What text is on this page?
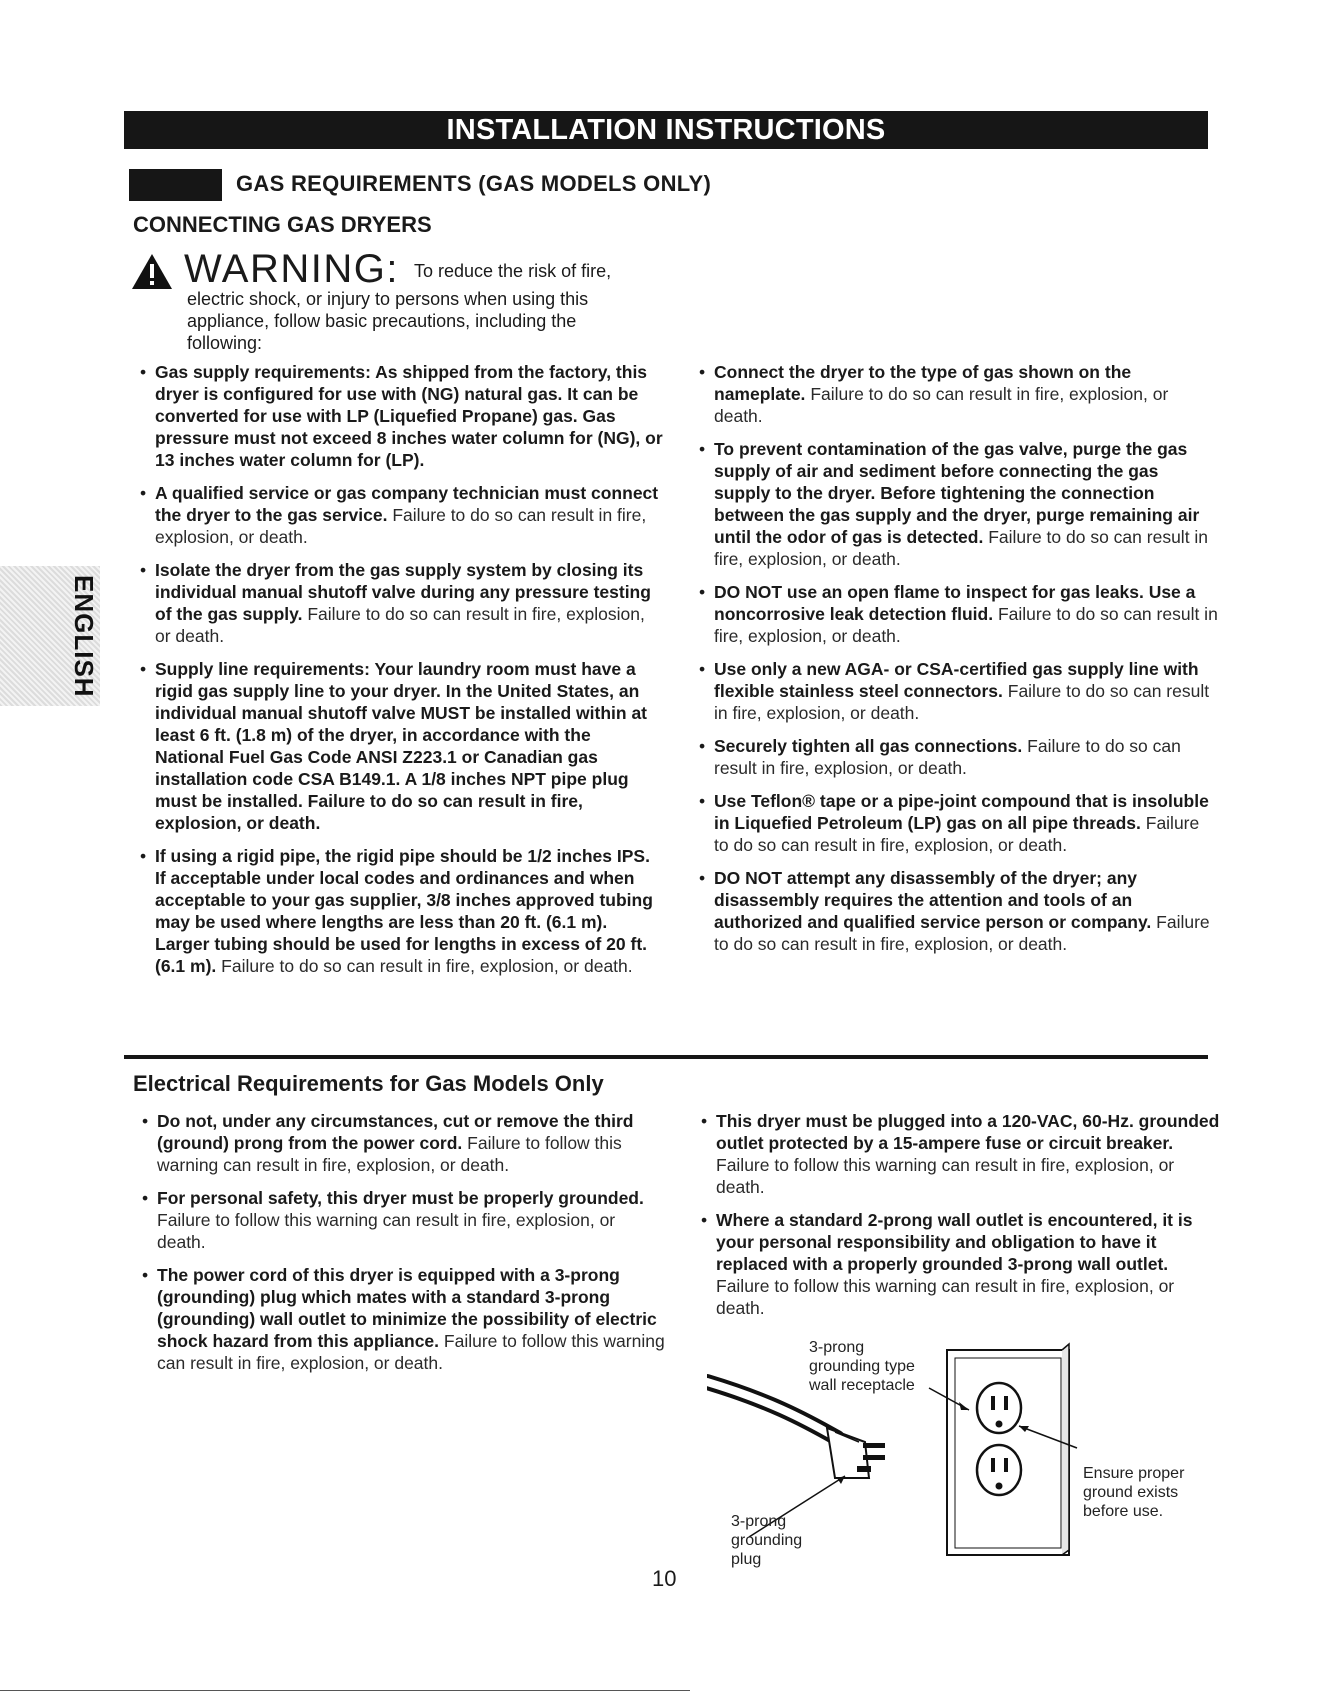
INSTALLATION INSTRUCTIONS
GAS REQUIREMENTS (GAS MODELS ONLY)
CONNECTING GAS DRYERS
WARNING: To reduce the risk of fire,
electric shock, or injury to persons when using this appliance, follow basic precautions, including the following:
ENGLISH
• Gas supply requirements: As shipped from the factory, this dryer is configured for use with (NG) natural gas. It can be converted for use with LP (Liquefied Propane) gas. Gas pressure must not exceed 8 inches water column for (NG), or 13 inches water column for (LP).
• A qualified service or gas company technician must connect the dryer to the gas service. Failure to do so can result in fire, explosion, or death.
• Isolate the dryer from the gas supply system by closing its individual manual shutoff valve during any pressure testing of the gas supply. Failure to do so can result in fire, explosion, or death.
• Supply line requirements: Your laundry room must have a rigid gas supply line to your dryer. In the United States, an individual manual shutoff valve MUST be installed within at least 6 ft. (1.8 m) of the dryer, in accordance with the National Fuel Gas Code ANSI Z223.1 or Canadian gas installation code CSA B149.1. A 1/8 inches NPT pipe plug must be installed. Failure to do so can result in fire, explosion, or death.
• If using a rigid pipe, the rigid pipe should be 1/2 inches IPS. If acceptable under local codes and ordinances and when acceptable to your gas supplier, 3/8 inches approved tubing may be used where lengths are less than 20 ft. (6.1 m). Larger tubing should be used for lengths in excess of 20 ft. (6.1 m). Failure to do so can result in fire, explosion, or death.
• Connect the dryer to the type of gas shown on the nameplate. Failure to do so can result in fire, explosion, or death.
• To prevent contamination of the gas valve, purge the gas supply of air and sediment before connecting the gas supply to the dryer. Before tightening the connection between the gas supply and the dryer, purge remaining air until the odor of gas is detected. Failure to do so can result in fire, explosion, or death.
• DO NOT use an open flame to inspect for gas leaks. Use a noncorrosive leak detection fluid. Failure to do so can result in fire, explosion, or death.
• Use only a new AGA- or CSA-certified gas supply line with flexible stainless steel connectors. Failure to do so can result in fire, explosion, or death.
• Securely tighten all gas connections. Failure to do so can result in fire, explosion, or death.
• Use Teflon® tape or a pipe-joint compound that is insoluble in Liquefied Petroleum (LP) gas on all pipe threads. Failure to do so can result in fire, explosion, or death.
• DO NOT attempt any disassembly of the dryer; any disassembly requires the attention and tools of an authorized and qualified service person or company. Failure to do so can result in fire, explosion, or death.
Electrical Requirements for Gas Models Only
• Do not, under any circumstances, cut or remove the third (ground) prong from the power cord. Failure to follow this warning can result in fire, explosion, or death.
• For personal safety, this dryer must be properly grounded. Failure to follow this warning can result in fire, explosion, or death.
• The power cord of this dryer is equipped with a 3-prong (grounding) plug which mates with a standard 3-prong (grounding) wall outlet to minimize the possibility of electric shock hazard from this appliance. Failure to follow this warning can result in fire, explosion, or death.
• This dryer must be plugged into a 120-VAC, 60-Hz. grounded outlet protected by a 15-ampere fuse or circuit breaker. Failure to follow this warning can result in fire, explosion, or death.
• Where a standard 2-prong wall outlet is encountered, it is your personal responsibility and obligation to have it replaced with a properly grounded 3-prong wall outlet. Failure to follow this warning can result in fire, explosion, or death.
3-prong
grounding type
wall receptacle
Ensure proper
ground exists
before use.
3-prong
grounding
plug
10
